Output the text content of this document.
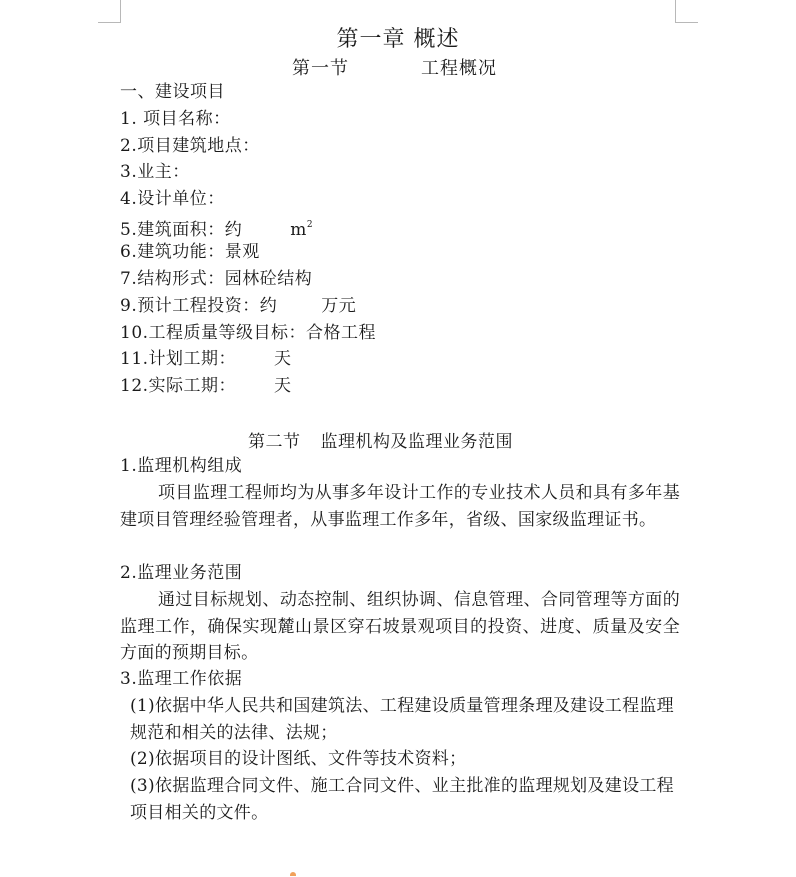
第一章 概述
第一节	工程概况
一、建设项目
1. 项目名称：
2.项目建筑地点：
3.业主：
4.设计单位：
5.建筑面积：约	$m^2$
6.建筑功能：景观
7.结构形式：园林砼结构
9.预计工程投资：约	万元
10.工程质量等级目标：合格工程
11.计划工期： 天
12.实际工期： 天
第二节 监理机构及监理业务范围
1.监理机构组成
项目监理工程师均为从事多年设计工作的专业技术人员和具有多年基建项目管理经验管理者，从事监理工作多年，省级、国家级监理证书。
2.监理业务范围
通过目标规划、动态控制、组织协调、信息管理、合同管理等方面的监理工作，确保实现麓山景区穿石坡景观项目的投资、进度、质量及安全方面的预期目标。
3.监理工作依据
(1)依据中华人民共和国建筑法、工程建设质量管理条理及建设工程监理规范和相关的法律、法规；
(2)依据项目的设计图纸、文件等技术资料；
(3)依据监理合同文件、施工合同文件、业主批准的监理规划及建设工程项目相关的文件。
